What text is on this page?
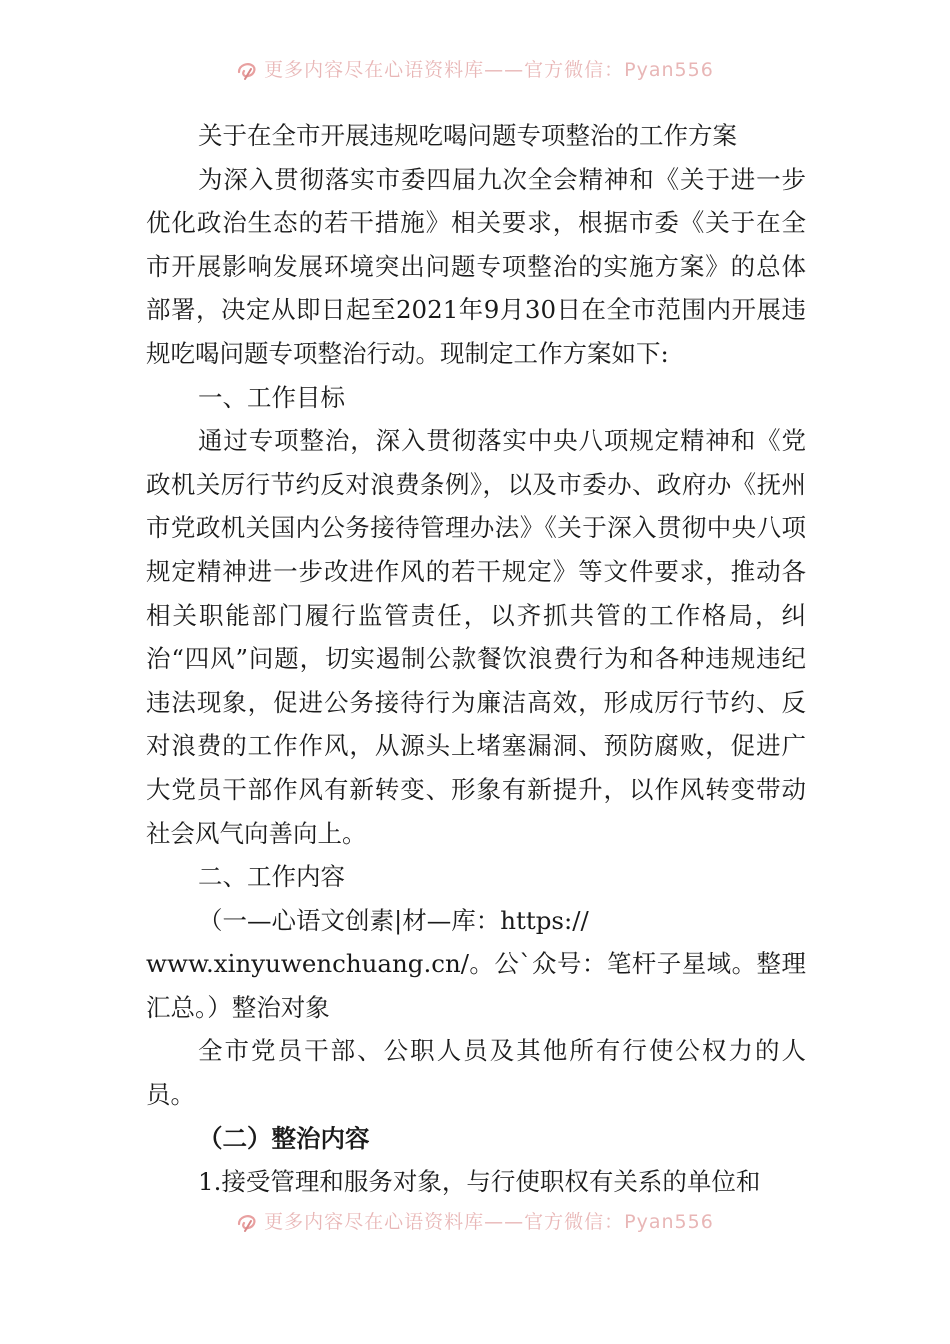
更多内容尽在心语资料库——官方微信：Pyan556

关于在全市开展违规吃喝问题专项整治的工作方案

为深入贯彻落实市委四届九次全会精神和《关于进一步优化政治生态的若干措施》相关要求，根据市委《关于在全市开展影响发展环境突出问题专项整治的实施方案》的总体部署，决定从即日起至2021年9月30日在全市范围内开展违规吃喝问题专项整治行动。现制定工作方案如下:

一、工作目标

通过专项整治，深入贯彻落实中央八项规定精神和《党政机关厉行节约反对浪费条例》，以及市委办、政府办《抚州市党政机关国内公务接待管理办法》《关于深入贯彻中央八项规定精神进一步改进作风的若干规定》等文件要求，推动各相关职能部门履行监管责任，以齐抓共管的工作格局，纠治“四风”问题，切实遏制公款餐饮浪费行为和各种违规违纪违法现象，促进公务接待行为廉洁高效，形成厉行节约、反对浪费的工作作风，从源头上堵塞漏洞、预防腐败，促进广大党员干部作风有新转变、形象有新提升，以作风转变带动社会风气向善向上。

二、工作内容

（一—心语文创素|材—库：https://

www.xinyuwenchuang.cn/。公`众号：笔杆子星域。整理汇总。）整治对象

全市党员干部、公职人员及其他所有行使公权力的人员。

（二）整治内容

1.接受管理和服务对象，与行使职权有关系的单位和

更多内容尽在心语资料库——官方微信：Pyan556
